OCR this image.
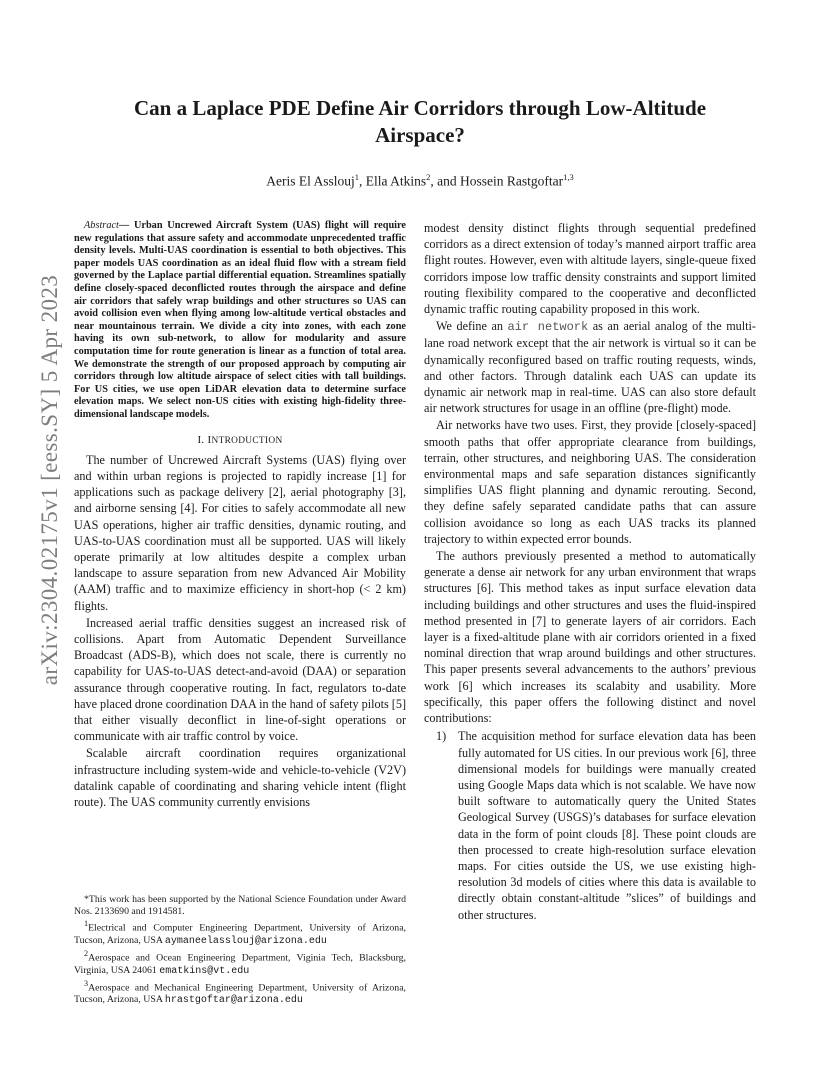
arXiv:2304.02175v1 [eess.SY] 5 Apr 2023
Can a Laplace PDE Define Air Corridors through Low-Altitude Airspace?
Aeris El Asslouj$^1$, Ella Atkins$^2$, and Hossein Rastgoftar$^{1,3}$

Abstract— Urban Uncrewed Aircraft System (UAS) flight will require new regulations that assure safety and accommodate unprecedented traffic density levels. Multi-UAS coordination is essential to both objectives. This paper models UAS coordination as an ideal fluid flow with a stream field governed by the Laplace partial differential equation. Streamlines spatially define closely-spaced deconflicted routes through the airspace and define air corridors that safely wrap buildings and other structures so UAS can avoid collision even when flying among low-altitude vertical obstacles and near mountainous terrain. We divide a city into zones, with each zone having its own sub-network, to allow for modularity and assure computation time for route generation is linear as a function of total area. We demonstrate the strength of our proposed approach by computing air corridors through low altitude airspace of select cities with tall buildings. For US cities, we use open LiDAR elevation data to determine surface elevation maps. We select non-US cities with existing high-fidelity three-dimensional landscape models.

I. INTRODUCTION

The number of Uncrewed Aircraft Systems (UAS) flying over and within urban regions is projected to rapidly increase [1] for applications such as package delivery [2], aerial photography [3], and airborne sensing [4]. For cities to safely accommodate all new UAS operations, higher air traffic densities, dynamic routing, and UAS-to-UAS coordination must all be supported. UAS will likely operate primarily at low altitudes despite a complex urban landscape to assure separation from new Advanced Air Mobility (AAM) traffic and to maximize efficiency in short-hop (< 2 km) flights.

Increased aerial traffic densities suggest an increased risk of collisions. Apart from Automatic Dependent Surveillance Broadcast (ADS-B), which does not scale, there is currently no capability for UAS-to-UAS detect-and-avoid (DAA) or separation assurance through cooperative routing. In fact, regulators to-date have placed drone coordination DAA in the hand of safety pilots [5] that either visually deconflict in line-of-sight operations or communicate with air traffic control by voice.

Scalable aircraft coordination requires organizational infrastructure including system-wide and vehicle-to-vehicle (V2V) datalink capable of coordinating and sharing vehicle intent (flight route). The UAS community currently envisions

*This work has been supported by the National Science Foundation under Award Nos. 2133690 and 1914581.

$^1$Electrical and Computer Engineering Department, University of Arizona, Tucson, Arizona, USA aymaneelasslouj@arizona.edu

$^2$Aerospace and Ocean Engineering Department, Viginia Tech, Blacksburg, Virginia, USA 24061 ematkins@vt.edu

$^3$Aerospace and Mechanical Engineering Department, University of Arizona, Tucson, Arizona, USA hrastgoftar@arizona.edu

modest density distinct flights through sequential predefined corridors as a direct extension of today’s manned airport traffic area flight routes. However, even with altitude layers, single-queue fixed corridors impose low traffic density constraints and support limited routing flexibility compared to the cooperative and deconflicted dynamic traffic routing capability proposed in this work.

We define an air network as an aerial analog of the multi-lane road network except that the air network is virtual so it can be dynamically reconfigured based on traffic routing requests, winds, and other factors. Through datalink each UAS can update its dynamic air network map in real-time. UAS can also store default air network structures for usage in an offline (pre-flight) mode.

Air networks have two uses. First, they provide [closely-spaced] smooth paths that offer appropriate clearance from buildings, terrain, other structures, and neighboring UAS. The consideration environmental maps and safe separation distances significantly simplifies UAS flight planning and dynamic rerouting. Second, they define safely separated candidate paths that can assure collision avoidance so long as each UAS tracks its planned trajectory to within expected error bounds.

The authors previously presented a method to automatically generate a dense air network for any urban environment that wraps structures [6]. This method takes as input surface elevation data including buildings and other structures and uses the fluid-inspired method presented in [7] to generate layers of air corridors. Each layer is a fixed-altitude plane with air corridors oriented in a fixed nominal direction that wrap around buildings and other structures. This paper presents several advancements to the authors’ previous work [6] which increases its scalabity and usability. More specifically, this paper offers the following distinct and novel contributions:

1) The acquisition method for surface elevation data has been fully automated for US cities. In our previous work [6], three dimensional models for buildings were manually created using Google Maps data which is not scalable. We have now built software to automatically query the United States Geological Survey (USGS)’s databases for surface elevation data in the form of point clouds [8]. These point clouds are then processed to create high-resolution surface elevation maps. For cities outside the US, we use existing high-resolution 3d models of cities where this data is available to directly obtain constant-altitude ”slices” of buildings and other structures.
